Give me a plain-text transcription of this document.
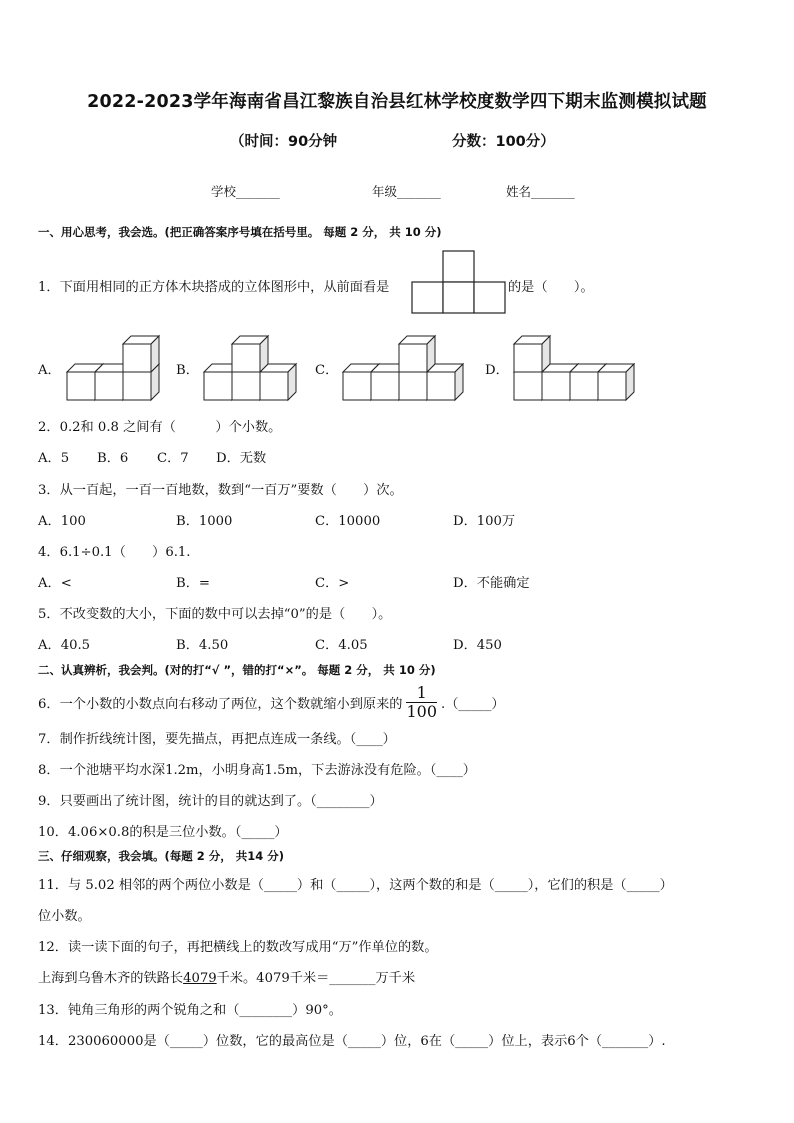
2022-2023学年海南省昌江黎族自治县红林学校度数学四下期末监测模拟试题
（时间：90分钟	分数：100分）
学校_______	年级_______	姓名_______
一、用心思考，我会选。(把正确答案序号填在括号里。 每题 2 分， 共 10 分)
1．下面用相同的正方体木块搭成的立体图形中，从前面看是	的是（　　）。
A．	B．	C．	D．
2．0.2和 0.8 之间有（　　　）个小数。
A．5 B．6 C．7 D．无数
3．从一百起，一百一百地数，数到“一百万”要数（　　）次。
A．100	B．1000	C．10000	D．100万
4．6.1÷0.1（　　）6.1.
A．<	B．=	C．>	D．不能确定
5．不改变数的大小，下面的数中可以去掉“0”的是（　　）。
A．40.5	B．4.50	C．4.05	D．450
二、认真辨析，我会判。(对的打“√ ”，错的打“×”。 每题 2 分， 共 10 分)
6．一个小数的小数点向右移动了两位，这个数就缩小到原来的 $\frac{1}{100}$ .（_____）
7．制作折线统计图，要先描点，再把点连成一条线。（____）
8．一个池塘平均水深1.2m，小明身高1.5m，下去游泳没有危险。（____）
9．只要画出了统计图，统计的目的就达到了。（________）
10．4.06×0.8的积是三位小数。（_____）
三、仔细观察，我会填。(每题 2 分， 共14 分)
11．与 5.02 相邻的两个两位小数是（_____）和（_____），这两个数的和是（_____），它们的积是（_____）
位小数。
12．读一读下面的句子，再把横线上的数改写成用“万”作单位的数。
上海到乌鲁木齐的铁路长4079千米。4079千米＝_______万千米
13．钝角三角形的两个锐角之和（________）90°。
14．230060000是（_____）位数，它的最高位是（_____）位，6在（_____）位上，表示6个（_______）.
